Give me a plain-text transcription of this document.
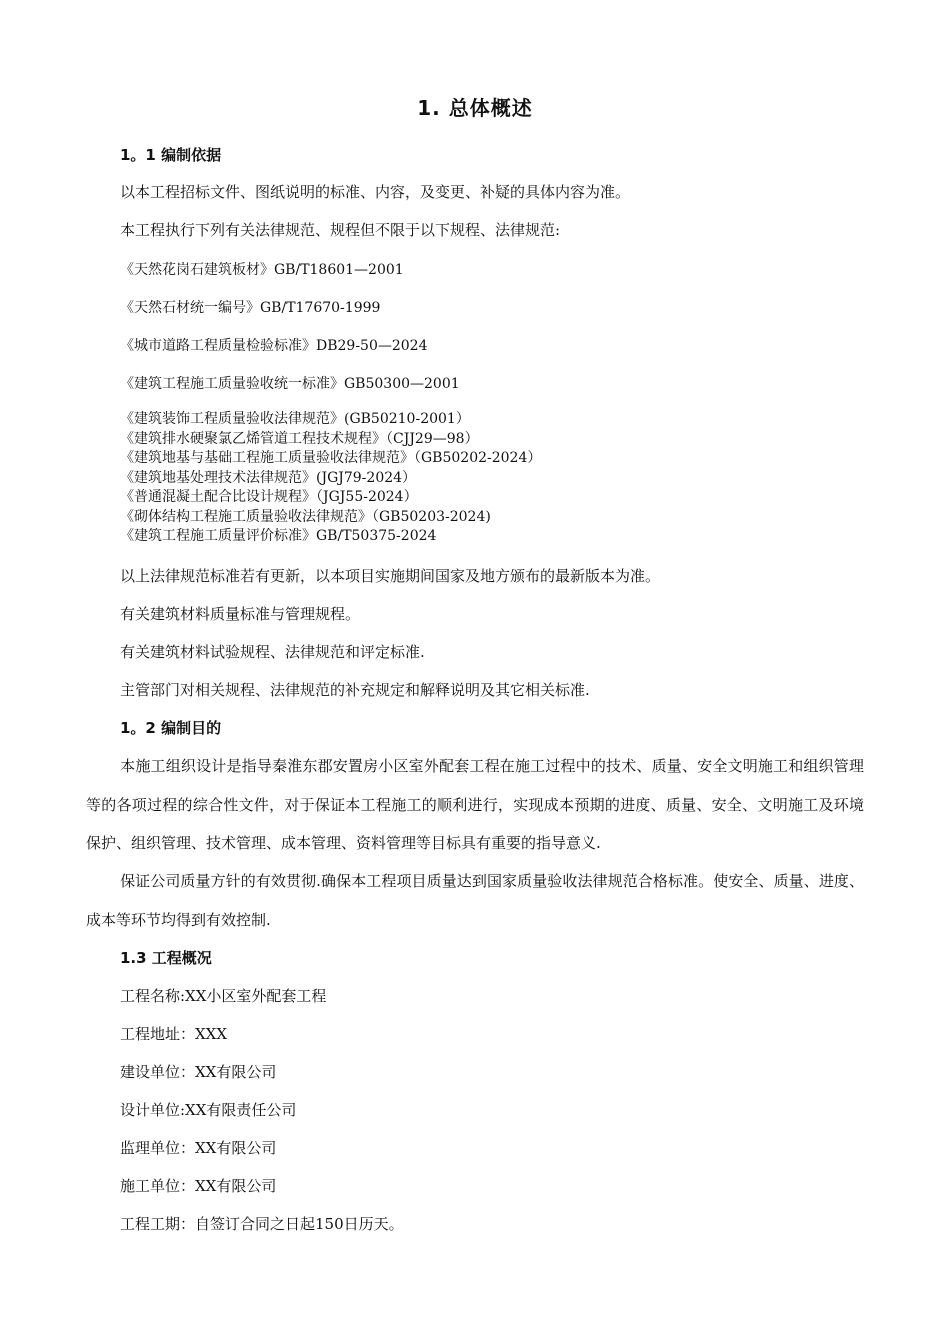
1. 总体概述
1。1 编制依据
以本工程招标文件、图纸说明的标准、内容，及变更、补疑的具体内容为准。
本工程执行下列有关法律规范、规程但不限于以下规程、法律规范:
《天然花岗石建筑板材》GB/T18601—2001
《天然石材统一编号》GB/T17670-1999
《城市道路工程质量检验标准》DB29-50—2024
《建筑工程施工质量验收统一标准》GB50300—2001
《建筑装饰工程质量验收法律规范》(GB50210-2001）
《建筑排水硬聚氯乙烯管道工程技术规程》（CJJ29—98）
《建筑地基与基础工程施工质量验收法律规范》（GB50202-2024）
《建筑地基处理技术法律规范》(JGJ79-2024）
《普通混凝土配合比设计规程》（JGJ55-2024）
《砌体结构工程施工质量验收法律规范》（GB50203-2024)
《建筑工程施工质量评价标准》GB/T50375-2024
以上法律规范标准若有更新，以本项目实施期间国家及地方颁布的最新版本为准。
有关建筑材料质量标准与管理规程。
有关建筑材料试验规程、法律规范和评定标准.
主管部门对相关规程、法律规范的补充规定和解释说明及其它相关标准.
1。2 编制目的
本施工组织设计是指导秦淮东郡安置房小区室外配套工程在施工过程中的技术、质量、安全文明施工和组织管理等的各项过程的综合性文件，对于保证本工程施工的顺利进行，实现成本预期的进度、质量、安全、文明施工及环境保护、组织管理、技术管理、成本管理、资料管理等目标具有重要的指导意义.
保证公司质量方针的有效贯彻.确保本工程项目质量达到国家质量验收法律规范合格标准。使安全、质量、进度、成本等环节均得到有效控制.
1.3 工程概况
工程名称:XX小区室外配套工程
工程地址：XXX
建设单位：XX有限公司
设计单位:XX有限责任公司
监理单位：XX有限公司
施工单位：XX有限公司
工程工期：自签订合同之日起150日历天。
